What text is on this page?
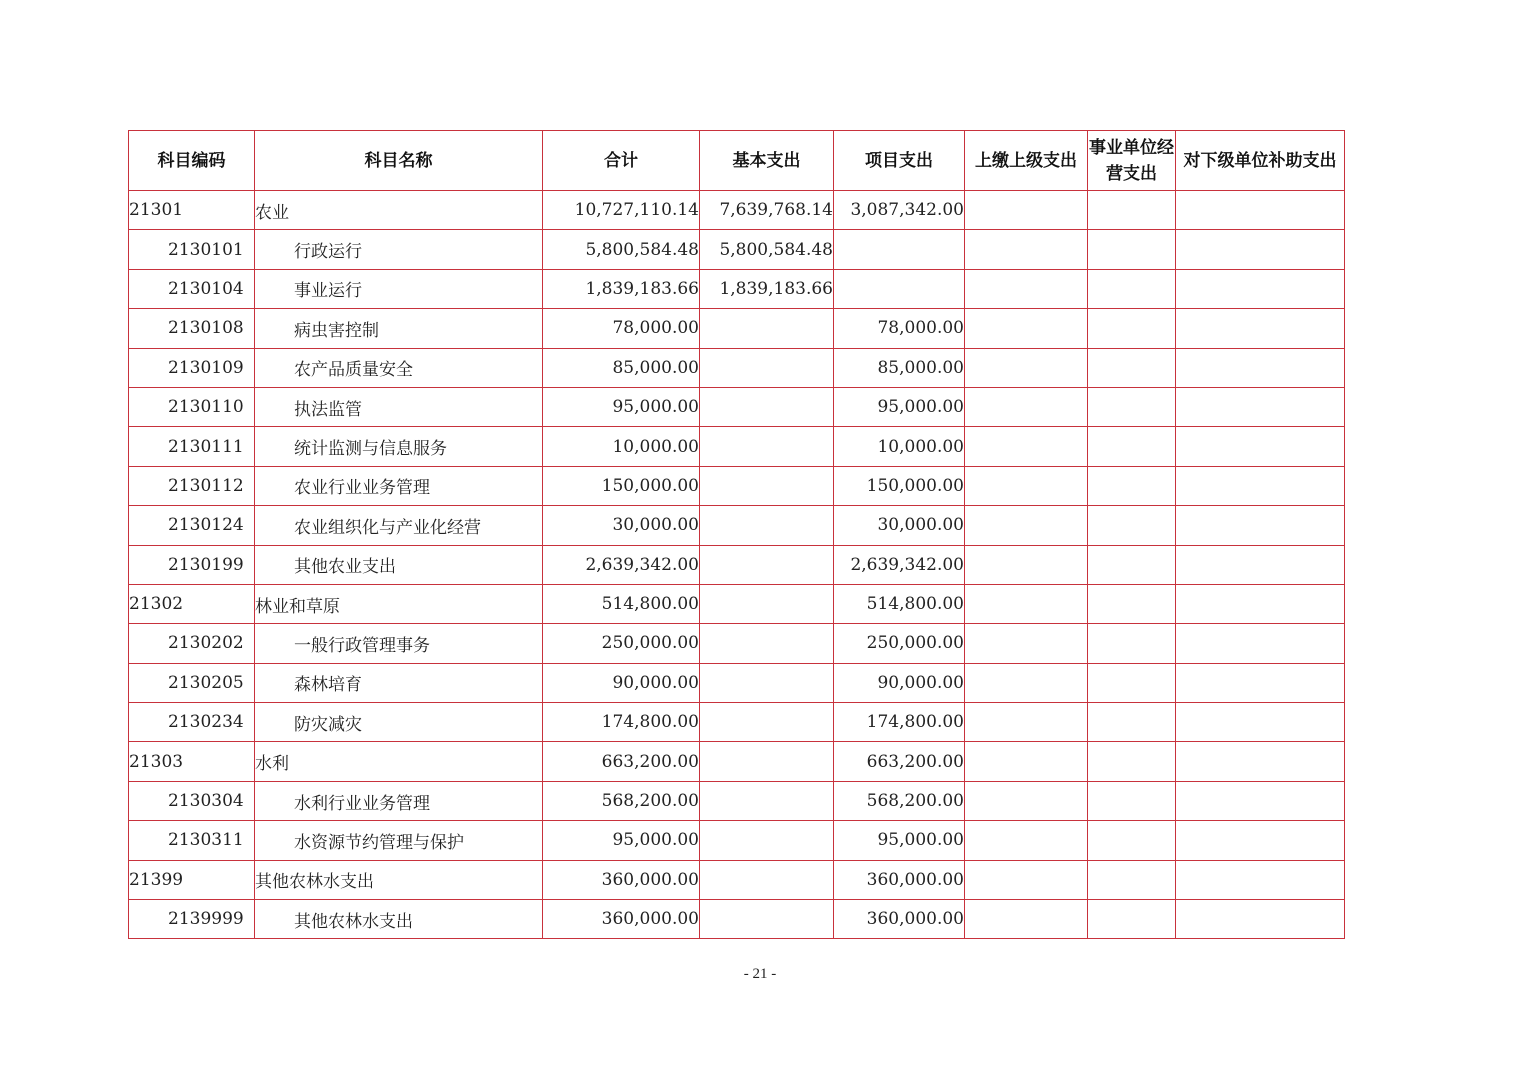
科目编码	科目名称	合计	基本支出	项目支出	上缴上级支出	事业单位经营支出	对下级单位补助支出
21301	农业	10,727,110.14	7,639,768.14	3,087,342.00			
2130101	行政运行	5,800,584.48	5,800,584.48				
2130104	事业运行	1,839,183.66	1,839,183.66				
2130108	病虫害控制	78,000.00		78,000.00			
2130109	农产品质量安全	85,000.00		85,000.00			
2130110	执法监管	95,000.00		95,000.00			
2130111	统计监测与信息服务	10,000.00		10,000.00			
2130112	农业行业业务管理	150,000.00		150,000.00			
2130124	农业组织化与产业化经营	30,000.00		30,000.00			
2130199	其他农业支出	2,639,342.00		2,639,342.00			
21302	林业和草原	514,800.00		514,800.00			
2130202	一般行政管理事务	250,000.00		250,000.00			
2130205	森林培育	90,000.00		90,000.00			
2130234	防灾减灾	174,800.00		174,800.00			
21303	水利	663,200.00		663,200.00			
2130304	水利行业业务管理	568,200.00		568,200.00			
2130311	水资源节约管理与保护	95,000.00		95,000.00			
21399	其他农林水支出	360,000.00		360,000.00			
2139999	其他农林水支出	360,000.00		360,000.00			
- 21 -
